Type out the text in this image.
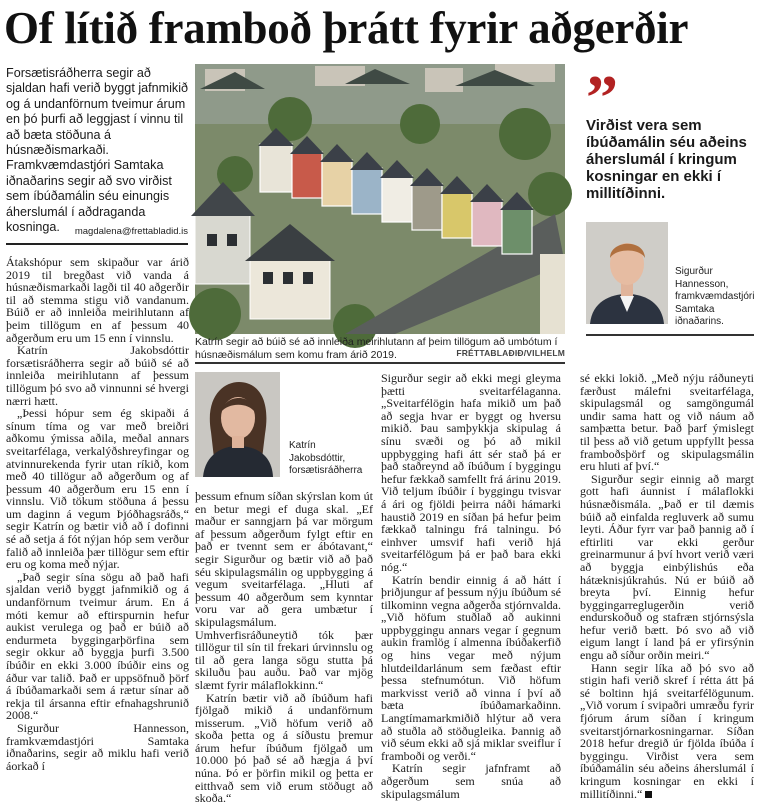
Of lítið framboð þrátt fyrir aðgerðir
Forsætisráðherra segir að sjaldan hafi verið byggt jafnmikið og á undanförnum tveimur árum en þó þurfi að leggjast í vinnu til að bæta stöðuna á húsnæðismarkaði. Framkvæmdastjóri Samtaka iðnaðarins segir að svo virðist sem íbúðamálin séu einungis áherslumál í aðdraganda kosninga.	magdalena@frettabladid.is
Katrín segir að búið sé að innleiða meirihlutann af þeim tillögum að umbótum í húsnæðismálum sem komu fram árið 2019.	FRÉTTABLAÐIÐ/VILHELM
Katrín Jakobsdóttir, forsætisráðherra
”
Virðist vera sem íbúðamálin séu aðeins áherslumál í kringum kosningar en ekki í millitíðinni.
Sigurður Hannesson, framkvæmdastjóri Samtaka iðnaðarins.

Átakshópur sem skipaður var árið 2019 til bregðast við vanda á húsnæðismarkaði lagði til 40 aðgerðir til að stemma stigu við vandanum. Búið er að innleiða meirihlutann af þeim tillögum en af þessum 40 aðgerðum eru um 15 enn í vinnslu.

Katrín Jakobsdóttir forsætisráðherra segir að búið sé að innleiða meirihlutann af þessum tillögum þó svo að vinnunni sé hvergi nærri hætt.

„Þessi hópur sem ég skipaði á sínum tíma og var með breiðri aðkomu ýmissa aðila, meðal annars sveitarfélaga, verkalýðshreyfingar og atvinnurekenda fyrir utan ríkið, kom með 40 tillögur að aðgerðum og af þessum 40 aðgerðum eru 15 enn í vinnslu. Við tökum stöðuna á þessu um daginn á vegum Þjóðhagsráðs,“ segir Katrín og bætir við að í dofinni sé að setja á fót nýjan hóp sem verður falið að innleiða þær tillögur sem eftir eru og koma með nýjar.

„Það segir sína sögu að það hafi sjaldan verið byggt jafnmikið og á undanförnum tveimur árum. En á móti kemur að eftirspurnin hefur aukist verulega og það er búið að endurmeta byggingarþörfina sem segir okkur að byggja þurfi 3.500 íbúðir en ekki 3.000 íbúðir eins og áður var talið. Það er uppsöfnuð þörf á íbúðamarkaði sem á rætur sínar að rekja til ársanna eftir efnahagshrunið 2008.“

Sigurður Hannesson, framkvæmdastjóri Samtaka iðnaðarins, segir að miklu hafi verið áorkað í

þessum efnum síðan skýrslan kom út en betur megi ef duga skal. „Ef maður er sanngjarn þá var mörgum af þessum aðgerðum fylgt eftir en það er tvennt sem er ábótavant,“ segir Sigurður og bætir við að það séu skipulagsmálin og uppbygging á vegum sveitarfélaga. „Hluti af þessum 40 aðgerðum sem kynntar voru var að gera umbætur í skipulagsmálum. Umhverfisráðuneytið tók þær tillögur til sín til frekari úrvinnslu og til að gera langa sögu stutta þá skiluðu þau auðu. Það var mjög slæmt fyrir málaflokkinn.“

Katrín bætir við að íbúðum hafi fjölgað mikið á undanförnum misserum. „Við höfum verið að skoða þetta og á síðustu þremur árum hefur íbúðum fjölgað um 10.000 þó það sé að hægja á því núna. Þó er þörfin mikil og þetta er eitthvað sem við erum stöðugt að skoða.“

Sigurður segir að ekki megi gleyma þætti sveitarfélaganna. „Sveitarfélögin hafa mikið um það að segja hvar er byggt og hversu mikið. Þau samþykkja skipulag á sínu svæði og þó að mikil uppbygging hafi átt sér stað þá er það staðreynd að íbúðum í byggingu hefur fækkað samfellt frá árinu 2019. Við teljum íbúðir í byggingu tvisvar á ári og fjöldi þeirra náði hámarki haustið 2019 en síðan þá hefur þeim fækkað talningu frá talningu. Þó einhver umsvif hafi verið hjá sveitarfélögum þá er það bara ekki nóg.“

Katrín bendir einnig á að hátt í þriðjungur af þessum nýju íbúðum sé tilkominn vegna aðgerða stjórnvalda. „Við höfum stuðlað að aukinni uppbyggingu annars vegar í gegnum aukin framlög í almenna íbúðakerfið og hins vegar með nýjum hlutdeildarlánum sem fæðast eftir þessa stefnumótun. Við höfum markvisst verið að vinna í því að bæta íbúðamarkaðinn. Langtímamarkmiðið hlýtur að vera að stuðla að stöðugleika. Þannig að við séum ekki að sjá miklar sveiflur í framboði og verði.“

Katrín segir jafnframt að aðgerðum sem snúa að skipulagsmálum

sé ekki lokið. „Með nýju ráðuneyti færðust málefni sveitarfélaga, skipulagsmál og samgöngumál undir sama hatt og við náum að samþætta betur. Það þarf ýmislegt til þess að við getum uppfyllt þessa framboðsþörf og skipulagsmálin eru hluti af því.“

Sigurður segir einnig að margt gott hafi áunnist í málaflokki húsnæðismála. „Það er til dæmis búið að einfalda regluverk að sumu leyti. Áður fyrr var það þannig að í eftirliti var ekki gerður greinarmunur á því hvort verið væri að byggja einbýlishús eða hátæknisjúkrahús. Nú er búið að breyta því. Einnig hefur byggingarreglugerðin verið endurskoðuð og stafræn stjórnsýsla hefur verið bætt. Þó svo að við eigum langt í land þá er yfirsýnin engu að síður orðin meiri.“

Hann segir líka að þó svo að stigin hafi verið skref í rétta átt þá sé boltinn hjá sveitarfélögunum. „Við vorum í svipaðri umræðu fyrir fjórum árum síðan í kringum sveitarstjórnarkosningarnar. Síðan 2018 hefur dregið úr fjölda íbúða í byggingu. Virðist vera sem íbúðamálin séu aðeins áherslumál í kringum kosningar en ekki í millitíðinni.“
